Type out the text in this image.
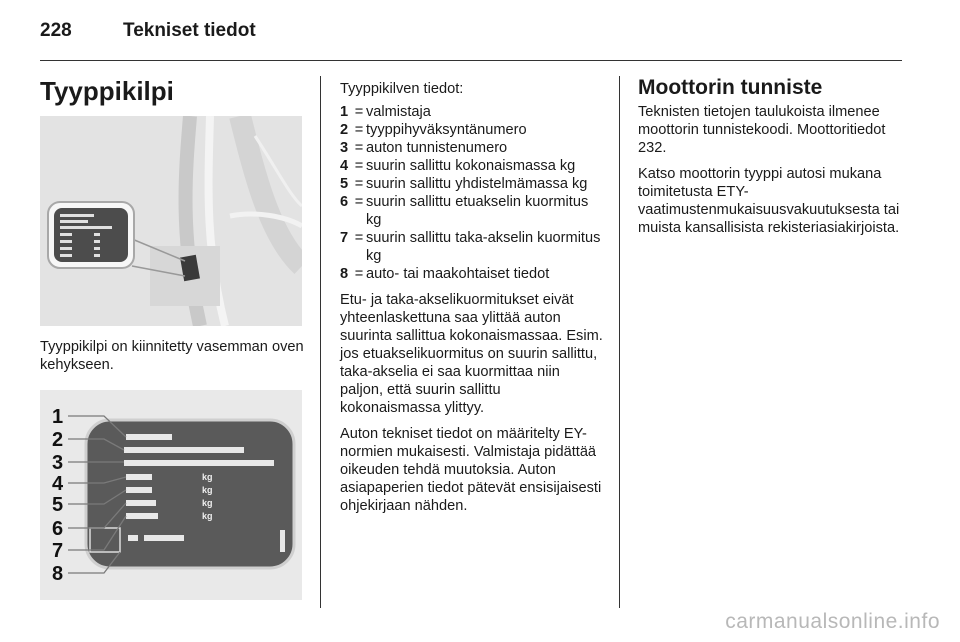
228	Tekniset tiedot
Tyyppikilpi

Tyyppikilpi on kiinnitetty vasemman oven kehykseen.

kg
kg
kg
kg
1
2
3
4
5
6
7
8

Tyyppikilven tiedot:

1 = valmistaja
2 = tyyppihyväksyntänumero
3 = auton tunnistenumero
4 = suurin sallittu kokonaismassa kg
5 = suurin sallittu yhdistelmämassa kg
6 = suurin sallittu etuakselin kuormitus kg
7 = suurin sallittu taka-akselin kuormitus kg
8 = auto- tai maakohtaiset tiedot

Etu- ja taka-akselikuormitukset eivät yhteenlaskettuna saa ylittää auton suurinta sallittua kokonaismassaa. Esim. jos etuakselikuormitus on suurin sallittu, taka-akselia ei saa kuormittaa niin paljon, että suurin sallittu kokonaismassa ylittyy.

Auton tekniset tiedot on määritelty EY-normien mukaisesti. Valmistaja pidättää oikeuden tehdä muutoksia. Auton asiapaperien tiedot pätevät ensisijaisesti ohjekirjaan nähden.

Moottorin tunniste

Teknisten tietojen taulukoista ilmenee moottorin tunnistekoodi. Moottoritiedot
232.

Katso moottorin tyyppi autosi mukana toimitetusta ETY-vaatimustenmukaisuusvakuutuksesta tai muista kansallisista rekisteriasiakirjoista.

carmanualsonline.info
